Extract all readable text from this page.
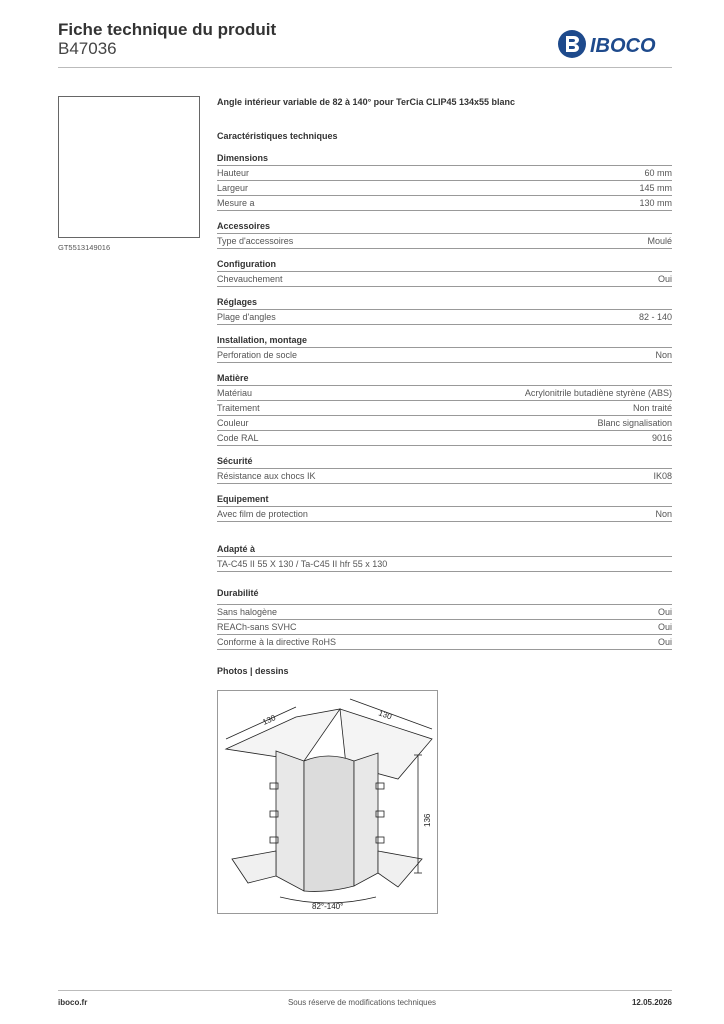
Fiche technique du produit
B47036	IBOCO
GT5513149016
Angle intérieur variable de 82 à 140° pour TerCia CLIP45 134x55 blanc
Caractéristiques techniques
Dimensions
Hauteur	60 mm
Largeur	145 mm
Mesure a	130 mm
Accessoires
Type d'accessoires	Moulé
Configuration
Chevauchement	Oui
Réglages
Plage d'angles	82 - 140
Installation, montage
Perforation de socle	Non
Matière
Matériau	Acrylonitrile butadiène styrène (ABS)
Traitement	Non traité
Couleur	Blanc signalisation
Code RAL	9016
Sécurité
Résistance aux chocs IK	IK08
Equipement
Avec film de protection	Non
Adapté à
TA-C45 II 55 X 130 / Ta-C45 II hfr 55 x 130
Durabilité
Sans halogène	Oui
REACh-sans SVHC	Oui
Conforme à la directive RoHS	Oui
Photos | dessins
130	130
136
82°-140°
iboco.fr	Sous réserve de modifications techniques	12.05.2026
